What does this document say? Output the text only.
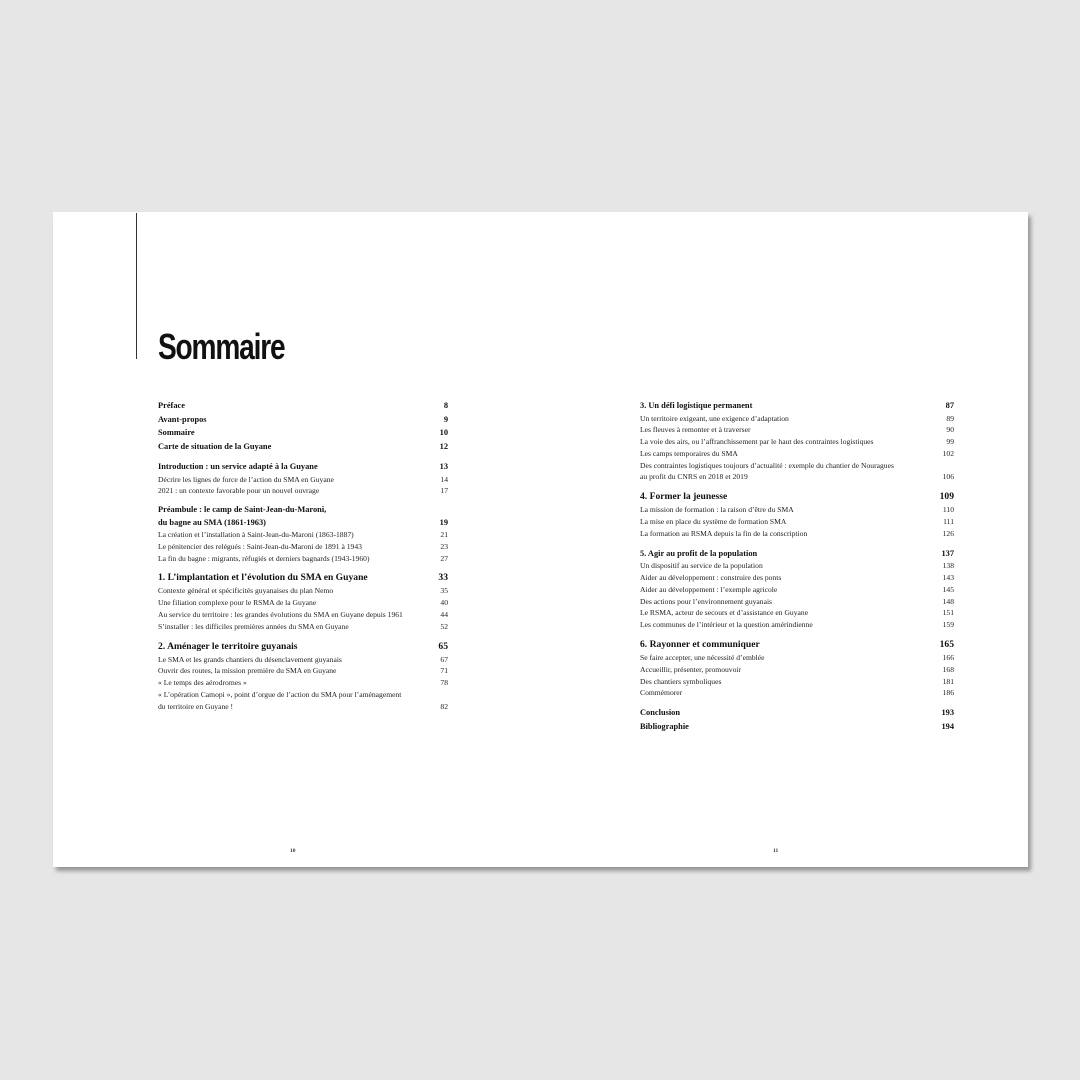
Sommaire
Préface	8
Avant-propos	9
Sommaire	10
Carte de situation de la Guyane	12
Introduction : un service adapté à la Guyane	13
Décrire les lignes de force de l’action du SMA en Guyane	14
2021 : un contexte favorable pour un nouvel ouvrage	17
Préambule : le camp de Saint-Jean-du-Maroni,
du bagne au SMA (1861-1963)	19
La création et l’installation à Saint-Jean-du-Maroni (1863-1887)	21
Le pénitencier des relégués : Saint-Jean-du-Maroni de 1891 à 1943	23
La fin du bagne : migrants, réfugiés et derniers bagnards (1943-1960)	27
1. L’implantation et l’évolution du SMA en Guyane	33
Contexte général et spécificités guyanaises du plan Nemo	35
Une filiation complexe pour le RSMA de la Guyane	40
Au service du territoire : les grandes évolutions du SMA en Guyane depuis 1961	44
S’installer : les difficiles premières années du SMA en Guyane	52
2. Aménager le territoire guyanais	65
Le SMA et les grands chantiers du désenclavement guyanais	67
Ouvrir des routes, la mission première du SMA en Guyane	71
« Le temps des aérodromes »	78
« L’opération Camopi », point d’orgue de l’action du SMA pour l’aménagement
du territoire en Guyane !	82
3. Un défi logistique permanent	87
Un territoire exigeant, une exigence d’adaptation	89
Les fleuves à remonter et à traverser	90
La voie des airs, ou l’affranchissement par le haut des contraintes logistiques	99
Les camps temporaires du SMA	102
Des contraintes logistiques toujours d’actualité : exemple du chantier de Nouragues
au profit du CNRS en 2018 et 2019	106
4. Former la jeunesse	109
La mission de formation : la raison d’être du SMA	110
La mise en place du système de formation SMA	111
La formation au RSMA depuis la fin de la conscription	126
5. Agir au profit de la population	137
Un dispositif au service de la population	138
Aider au développement : construire des ponts	143
Aider au développement : l’exemple agricole	145
Des actions pour l’environnement guyanais	148
Le RSMA, acteur de secours et d’assistance en Guyane	151
Les communes de l’intérieur et la question amérindienne	159
6. Rayonner et communiquer	165
Se faire accepter, une nécessité d’emblée	166
Accueillir, présenter, promouvoir	168
Des chantiers symboliques	181
Commémorer	186
Conclusion	193
Bibliographie	194
10	11
